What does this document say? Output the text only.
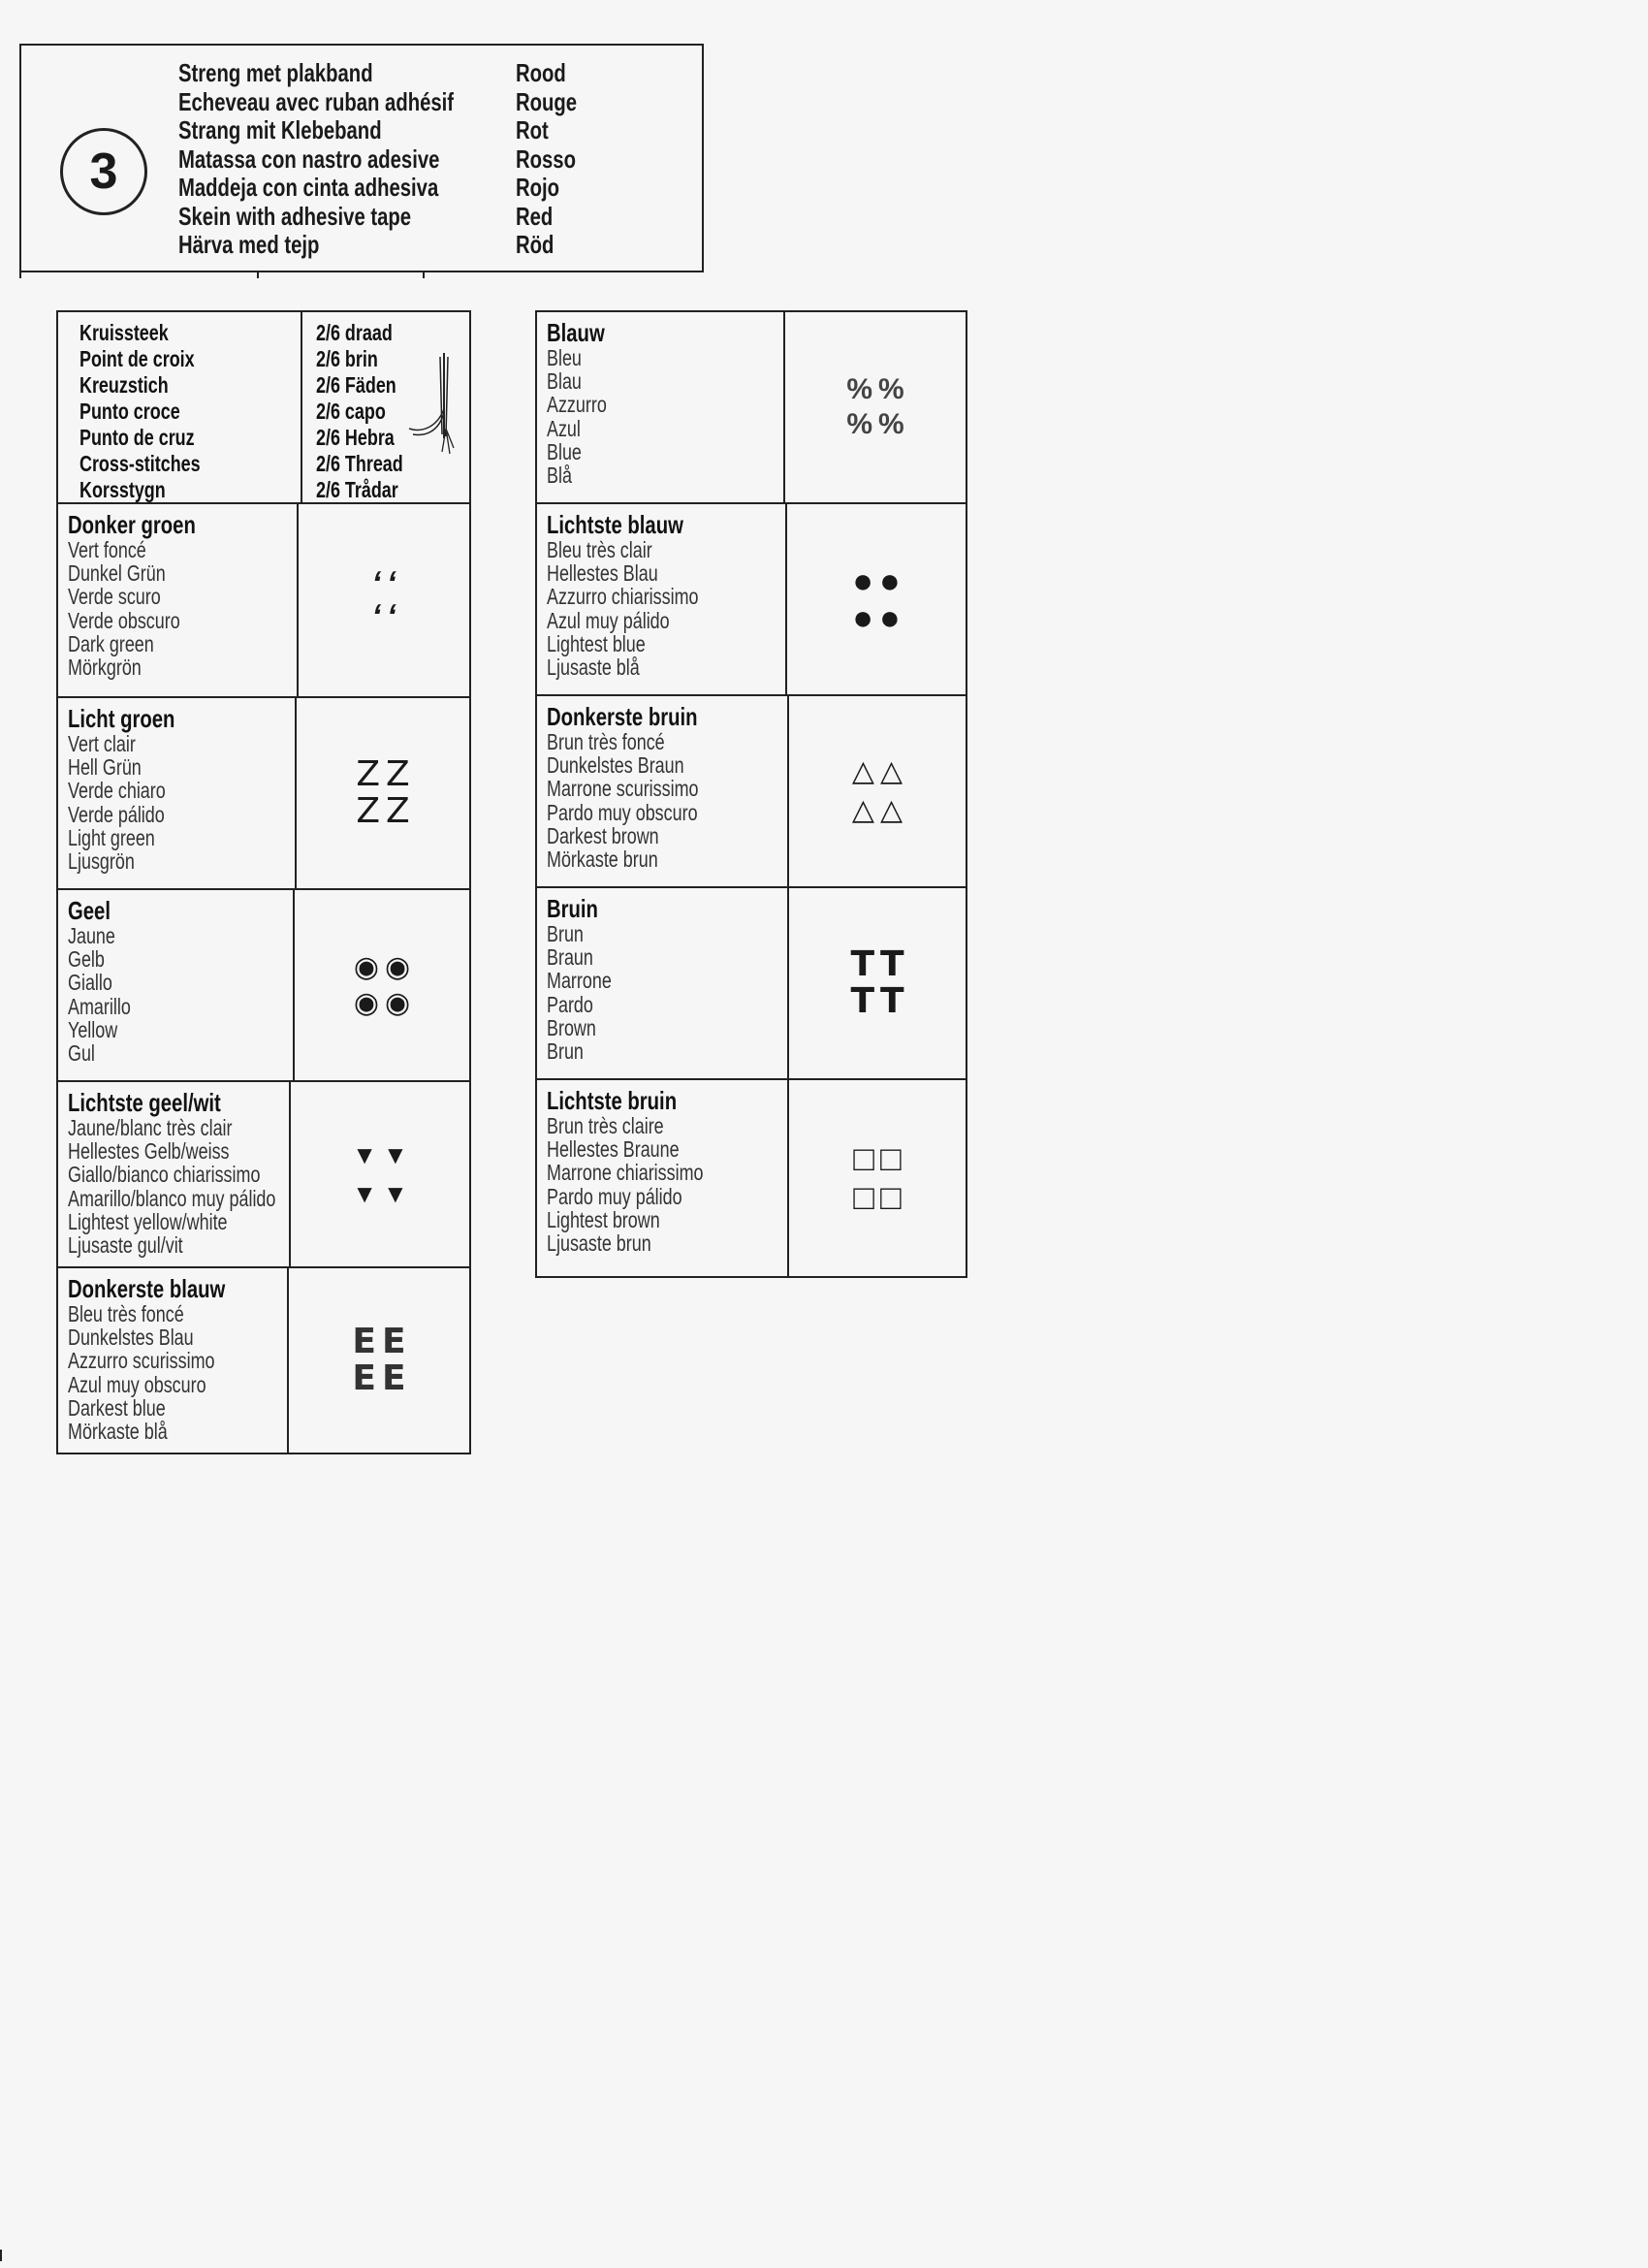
3
Streng met plakband
Echeveau avec ruban adhésif
Strang mit Klebeband
Matassa con nastro adesive
Maddeja con cinta adhesiva
Skein with adhesive tape
Härva med tejp
Rood
Rouge
Rot
Rosso
Rojo
Red
Röd
Kruissteek
Point de croix
Kreuzstich
Punto croce
Punto de cruz
Cross-stitches
Korsstygn
2/6 draad
2/6 brin
2/6 Fäden
2/6 capo
2/6 Hebra
2/6 Thread
2/6 Trådar
Donker groen
Vert foncé
Dunkel Grün
Verde scuro
Verde obscuro
Dark green
Mörkgrön
ʻ ʻ
ʻ ʻ
Licht groen
Vert clair
Hell Grün
Verde chiaro
Verde pálido
Light green
Ljusgrön
Z Z
Z Z
Geel
Jaune
Gelb
Giallo
Amarillo
Yellow
Gul
◉ ◉
◉ ◉
Lichtste geel/wit
Jaune/blanc très clair
Hellestes Gelb/weiss
Giallo/bianco chiarissimo
Amarillo/blanco muy pálido
Lightest yellow/white
Ljusaste gul/vit
▼ ▼
▼ ▼
Donkerste blauw
Bleu très foncé
Dunkelstes Blau
Azzurro scurissimo
Azul muy obscuro
Darkest blue
Mörkaste blå
E E
E E
Blauw
Bleu
Blau
Azzurro
Azul
Blue
Blå
% %
% %
Lichtste blauw
Bleu très clair
Hellestes Blau
Azzurro chiarissimo
Azul muy pálido
Lightest blue
Ljusaste blå
● ●
● ●
Donkerste bruin
Brun très foncé
Dunkelstes Braun
Marrone scurissimo
Pardo muy obscuro
Darkest brown
Mörkaste brun
△ △
△ △
Bruin
Brun
Braun
Marrone
Pardo
Brown
Brun
T T
T T
Lichtste bruin
Brun très claire
Hellestes Braune
Marrone chiarissimo
Pardo muy pálido
Lightest brown
Ljusaste brun
□ □
□ □
